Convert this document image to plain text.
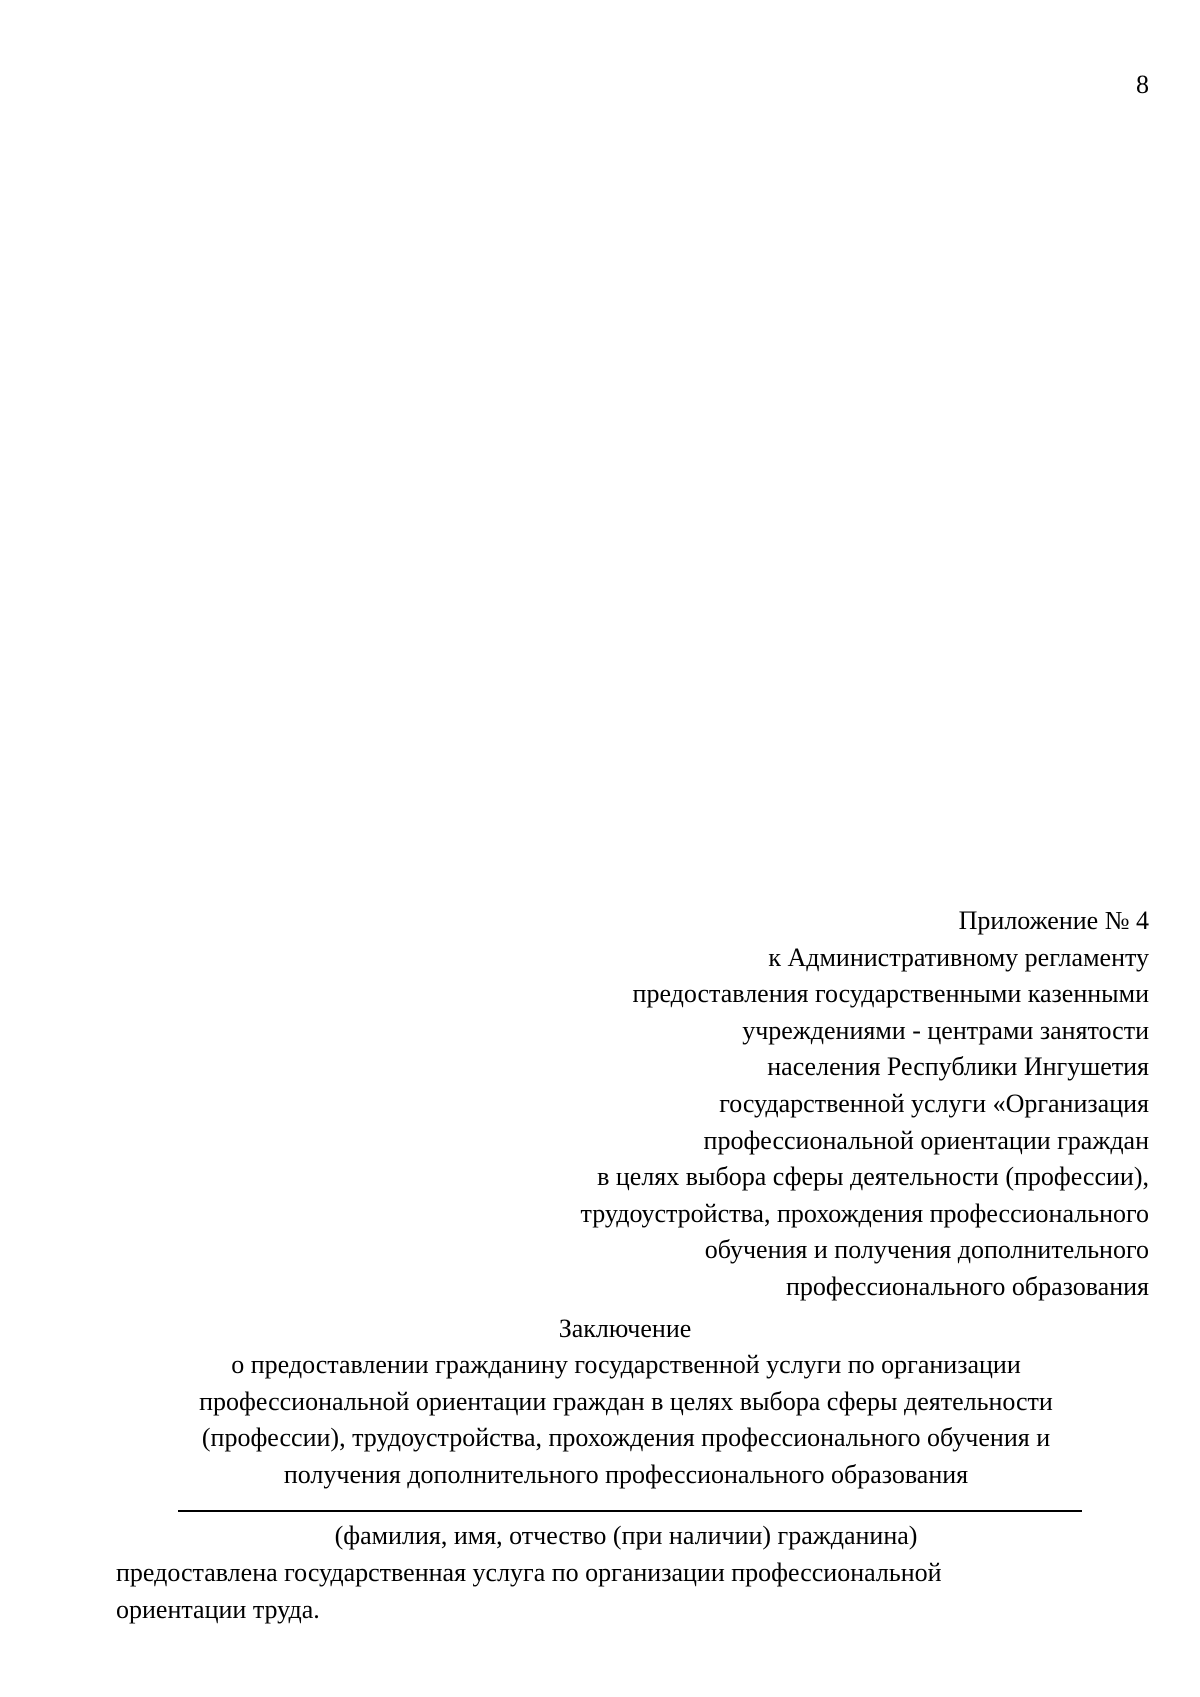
8
Приложение № 4
к Административному регламенту
предоставления государственными казенными
учреждениями - центрами занятости
населения Республики Ингушетия
государственной услуги «Организация
профессиональной ориентации граждан
в целях выбора сферы деятельности (профессии),
трудоустройства, прохождения профессионального
обучения и получения дополнительного
профессионального образования
Заключение
о предоставлении гражданину государственной услуги по организации
профессиональной ориентации граждан в целях выбора сферы деятельности
(профессии), трудоустройства, прохождения профессионального обучения и
получения дополнительного профессионального образования
(фамилия, имя, отчество (при наличии) гражданина)
предоставлена государственная услуга по организации профессиональной
ориентации труда.
